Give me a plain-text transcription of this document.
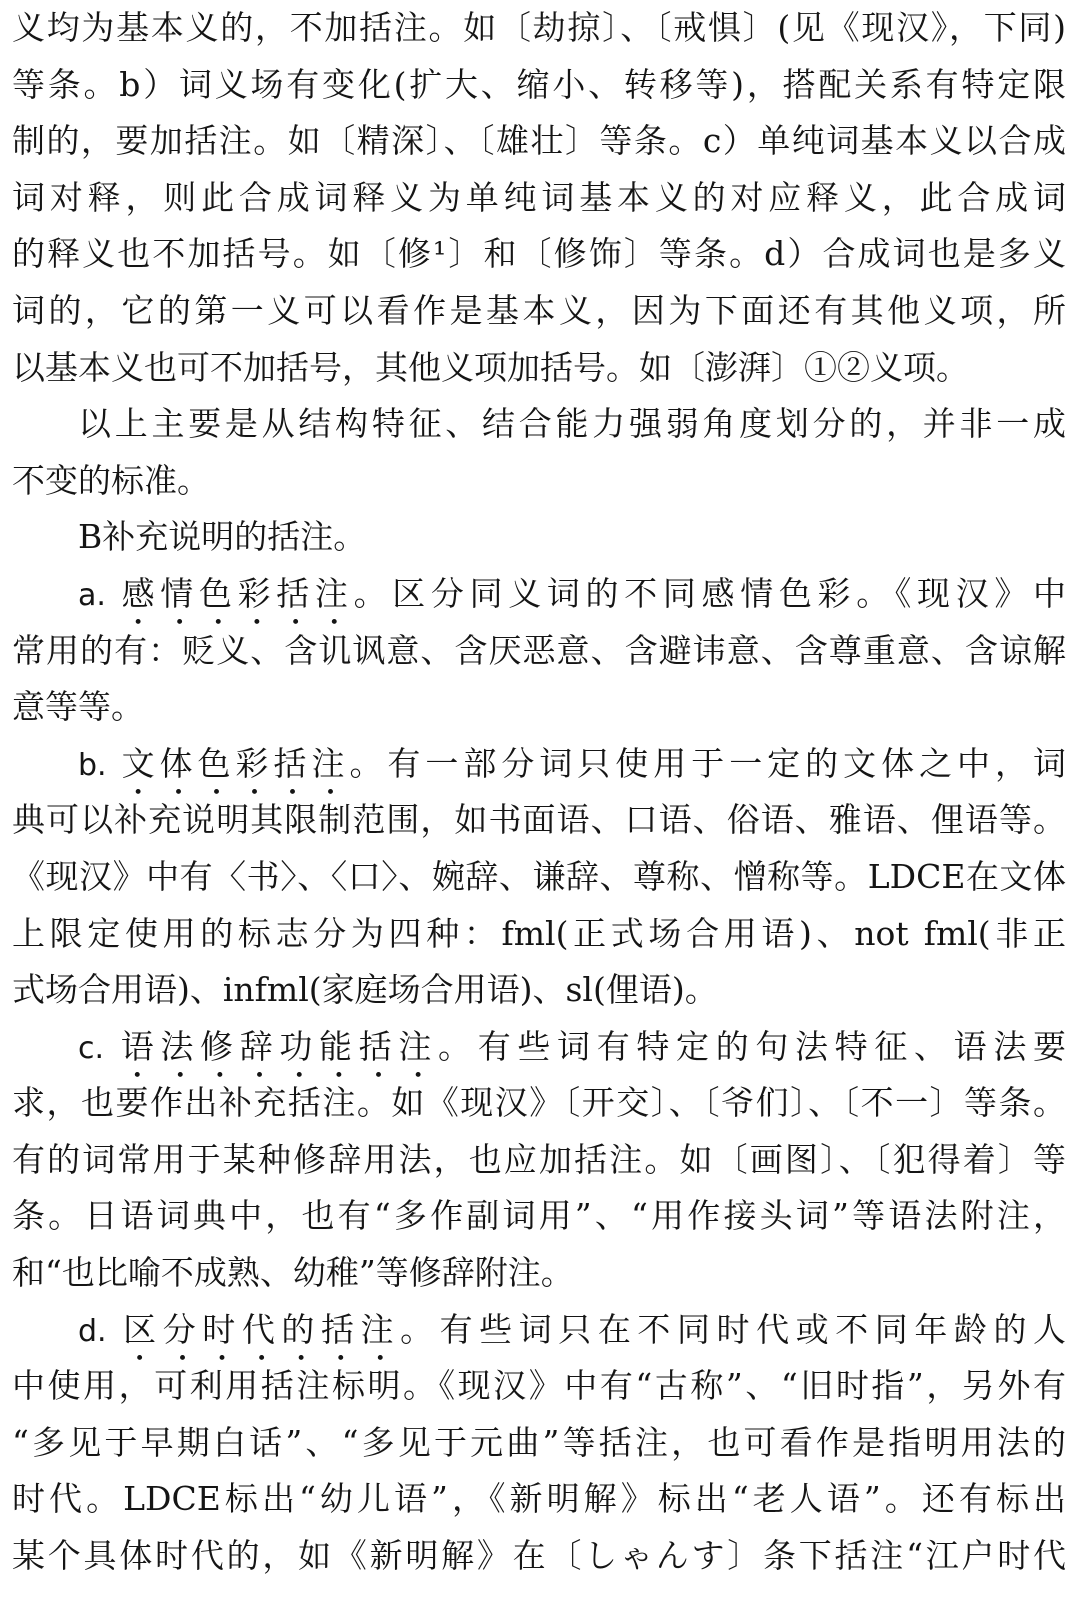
义均为基本义的，不加括注。如〔劫掠〕、〔戒惧〕(见《现汉》，下同)
等条。b）词义场有变化(扩大、缩小、转移等)，搭配关系有特定限
制的，要加括注。如〔精深〕、〔雄壮〕等条。c）单纯词基本义以合成
词对释，则此合成词释义为单纯词基本义的对应释义，此合成词
的释义也不加括号。如〔修¹〕和〔修饰〕等条。d）合成词也是多义
词的，它的第一义可以看作是基本义，因为下面还有其他义项，所
以基本义也可不加括号，其他义项加括号。如〔澎湃〕①②义项。
以上主要是从结构特征、结合能力强弱角度划分的，并非一成
不变的标准。
B补充说明的括注。
a. 感情色彩括注。区分同义词的不同感情色彩。《现汉》中
常用的有：贬义、含讥讽意、含厌恶意、含避讳意、含尊重意、含谅解
意等等。
b. 文体色彩括注。有一部分词只使用于一定的文体之中，词
典可以补充说明其限制范围，如书面语、口语、俗语、雅语、俚语等。
《现汉》中有〈书〉、〈口〉、婉辞、谦辞、尊称、憎称等。LDCE在文体
上限定使用的标志分为四种：fml(正式场合用语)、not fml(非正
式场合用语)、infml(家庭场合用语)、sl(俚语)。
c. 语法修辞功能括注。有些词有特定的句法特征、语法要
求，也要作出补充括注。如《现汉》〔开交〕、〔爷们〕、〔不一〕等条。
有的词常用于某种修辞用法，也应加括注。如〔画图〕、〔犯得着〕等
条。日语词典中，也有“多作副词用”、“用作接头词”等语法附注，
和“也比喻不成熟、幼稚”等修辞附注。
d. 区分时代的括注。有些词只在不同时代或不同年龄的人
中使用，可利用括注标明。《现汉》中有“古称”、“旧时指”，另外有
“多见于早期白话”、“多见于元曲”等括注，也可看作是指明用法的
时代。LDCE标出“幼儿语”，《新明解》标出“老人语”。还有标出
某个具体时代的，如《新明解》在〔しゃんす〕条下括注“江户时代
